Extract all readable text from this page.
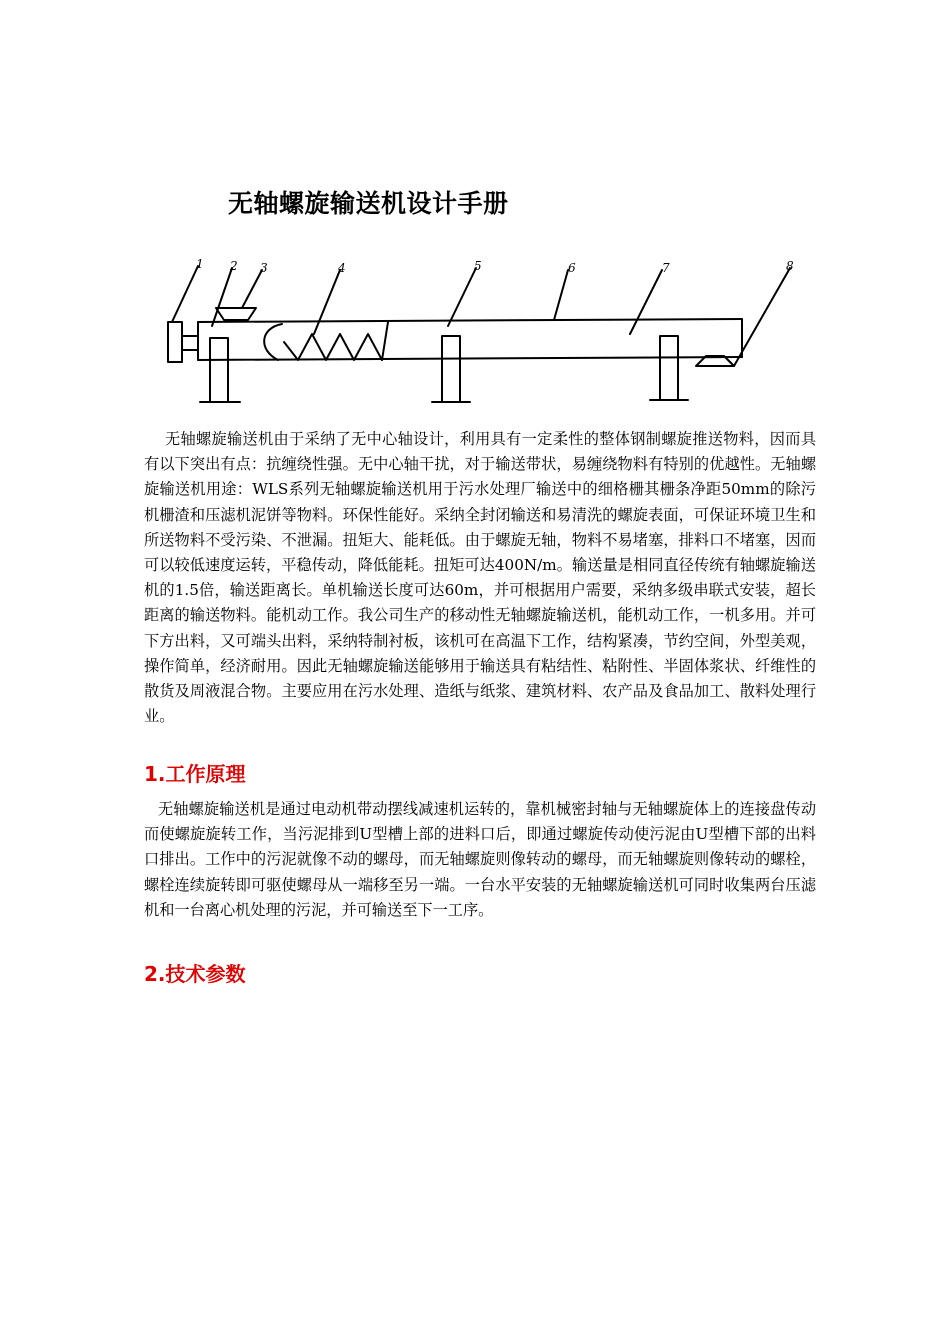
无轴螺旋输送机设计手册
1 2 3	4	5	6	7	8

无轴螺旋输送机由于采纳了无中心轴设计，利用具有一定柔性的整体钢制螺旋推送物料，因而具有以下突出有点：抗缠绕性强。无中心轴干扰，对于输送带状，易缠绕物料有特别的优越性。无轴螺旋输送机用途：WLS系列无轴螺旋输送机用于污水处理厂输送中的细格栅其栅条净距50mm的除污机栅渣和压滤机泥饼等物料。环保性能好。采纳全封闭输送和易清洗的螺旋表面，可保证环境卫生和所送物料不受污染、不泄漏。扭矩大、能耗低。由于螺旋无轴，物料不易堵塞，排料口不堵塞，因而可以较低速度运转，平稳传动，降低能耗。扭矩可达400N/m。输送量是相同直径传统有轴螺旋输送机的1.5倍，输送距离长。单机输送长度可达60m，并可根据用户需要，采纳多级串联式安装，超长距离的输送物料。能机动工作。我公司生产的移动性无轴螺旋输送机，能机动工作，一机多用。并可下方出料，又可端头出料，采纳特制衬板，该机可在高温下工作，结构紧凑，节约空间，外型美观，操作简单，经济耐用。因此无轴螺旋输送能够用于输送具有粘结性、粘附性、半固体浆状、纤维性的散货及周液混合物。主要应用在污水处理、造纸与纸浆、建筑材料、农产品及食品加工、散料处理行业。

1.工作原理

无轴螺旋输送机是通过电动机带动摆线减速机运转的，靠机械密封轴与无轴螺旋体上的连接盘传动而使螺旋旋转工作，当污泥排到U型槽上部的进料口后，即通过螺旋传动使污泥由U型槽下部的出料口排出。工作中的污泥就像不动的螺母，而无轴螺旋则像转动的螺母，而无轴螺旋则像转动的螺栓，螺栓连续旋转即可驱使螺母从一端移至另一端。一台水平安装的无轴螺旋输送机可同时收集两台压滤机和一台离心机处理的污泥，并可输送至下一工序。

2.技术参数
